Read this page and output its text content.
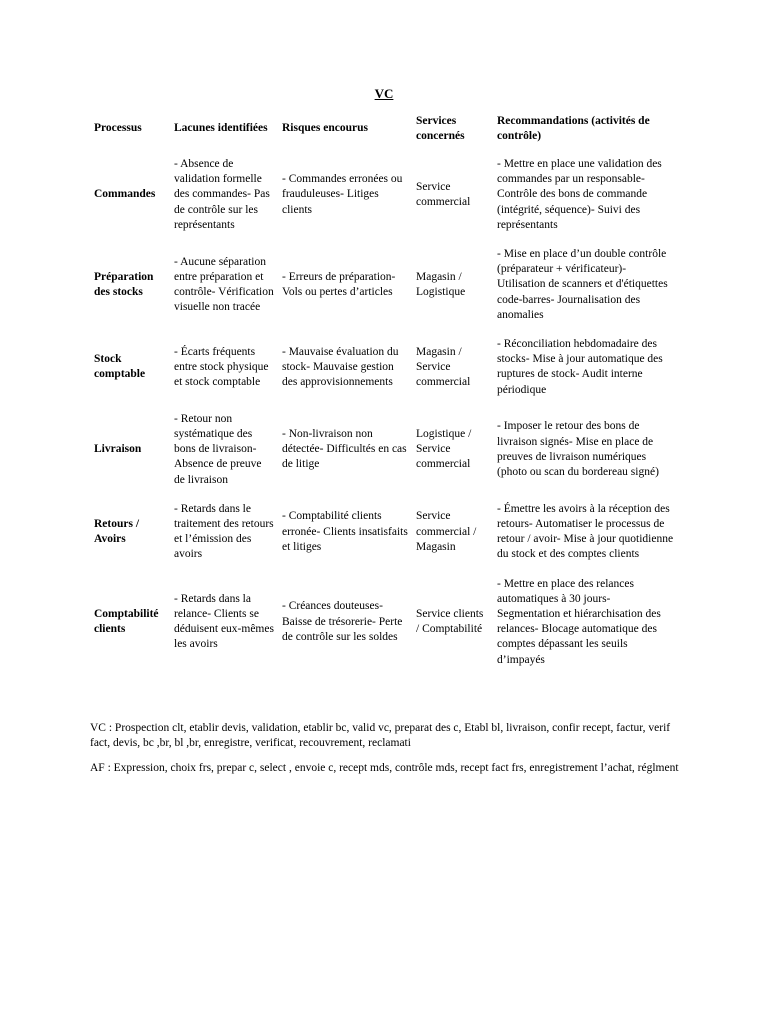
VC
Processus	Lacunes identifiées	Risques encourus	Services concernés	Recommandations (activités de contrôle)
Commandes	- Absence de validation formelle des commandes- Pas de contrôle sur les représentants	- Commandes erronées ou frauduleuses- Litiges clients	Service commercial	- Mettre en place une validation des commandes par un responsable- Contrôle des bons de commande (intégrité, séquence)- Suivi des représentants
Préparation des stocks	- Aucune séparation entre préparation et contrôle- Vérification visuelle non tracée	- Erreurs de préparation- Vols ou pertes d’articles	Magasin / Logistique	- Mise en place d’un double contrôle (préparateur + vérificateur)- Utilisation de scanners et d'étiquettes code-barres- Journalisation des anomalies
Stock comptable	- Écarts fréquents entre stock physique et stock comptable	- Mauvaise évaluation du stock- Mauvaise gestion des approvisionnements	Magasin / Service commercial	- Réconciliation hebdomadaire des stocks- Mise à jour automatique des ruptures de stock- Audit interne périodique
Livraison	- Retour non systématique des bons de livraison- Absence de preuve de livraison	- Non-livraison non détectée- Difficultés en cas de litige	Logistique / Service commercial	- Imposer le retour des bons de livraison signés- Mise en place de preuves de livraison numériques (photo ou scan du bordereau signé)
Retours / Avoirs	- Retards dans le traitement des retours et l’émission des avoirs	- Comptabilité clients erronée- Clients insatisfaits et litiges	Service commercial / Magasin	- Émettre les avoirs à la réception des retours- Automatiser le processus de retour / avoir- Mise à jour quotidienne du stock et des comptes clients
Comptabilité clients	- Retards dans la relance- Clients se déduisent eux-mêmes les avoirs	- Créances douteuses- Baisse de trésorerie- Perte de contrôle sur les soldes	Service clients / Comptabilité	- Mettre en place des relances automatiques à 30 jours- Segmentation et hiérarchisation des relances- Blocage automatique des comptes dépassant les seuils d’impayés

VC : Prospection clt, etablir devis, validation, etablir bc, valid vc, preparat des c, Etabl bl, livraison, confir recept, factur, verif fact, devis, bc ,br, bl ,br, enregistre, verificat, recouvrement, reclamati

AF : Expression, choix frs, prepar c, select , envoie c, recept mds, contrôle mds, recept fact frs, enregistrement l’achat, réglment
